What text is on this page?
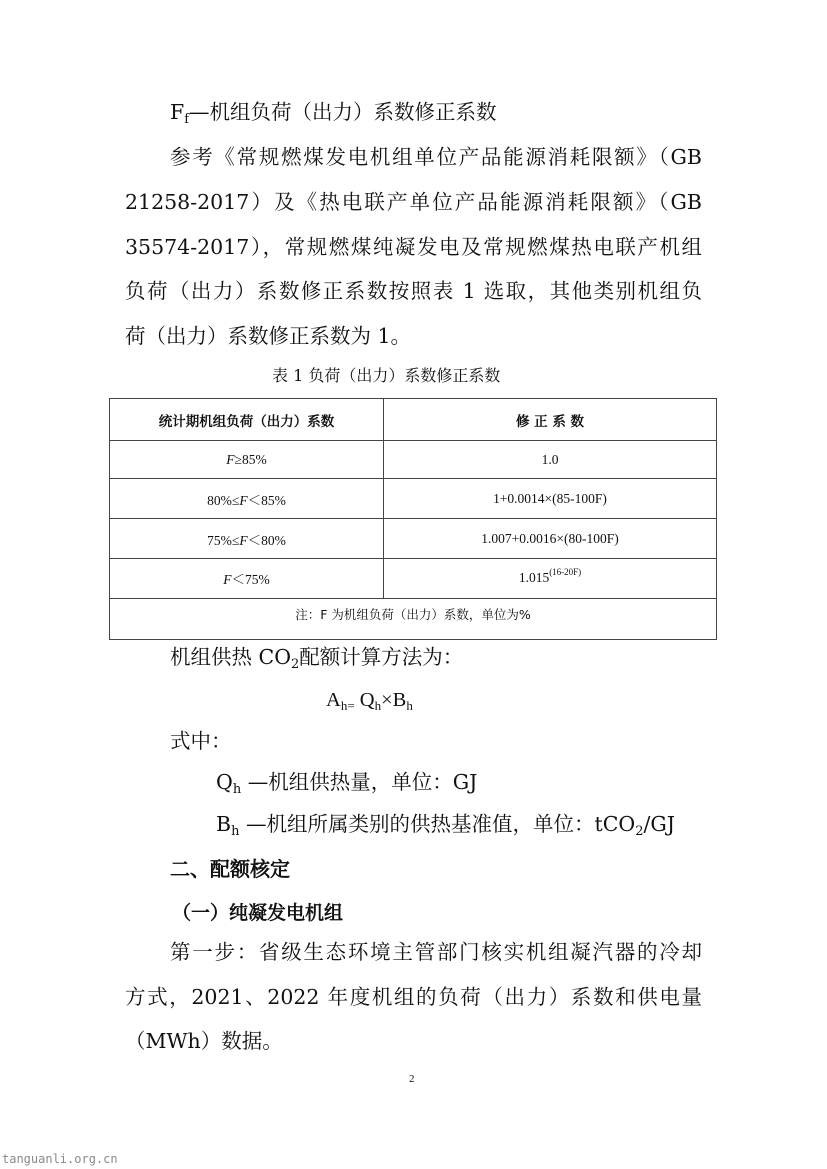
$F_f—$机组负荷（出力）系数修正系数
参考《常规燃煤发电机组单位产品能源消耗限额》（GB
21258-2017）及《热电联产单位产品能源消耗限额》（GB
35574-2017），常规燃煤纯凝发电及常规燃煤热电联产机组
负荷（出力）系数修正系数按照表 1 选取，其他类别机组负
荷（出力）系数修正系数为 1。
表 1 负荷（出力）系数修正系数
统计期机组负荷（出力）系数	修 正 系 数
F≥85%	1.0
80%≤F＜85%	1+0.0014×(85-100F)
75%≤F＜80%	1.007+0.0016×(80-100F)
F＜75%	$1.015^{(16-20F)}$
注：F 为机组负荷（出力）系数，单位为%	
机组供热 $CO_2$配额计算方法为：
$A_{h=}$ $Q_h\times B_h$
式中：
$Q_h$ —机组供热量，单位：GJ
$B_h$ —机组所属类别的供热基准值，单位：tCO$_2$/GJ
二、配额核定
（一）纯凝发电机组
第一步：省级生态环境主管部门核实机组凝汽器的冷却
方式，2021、2022 年度机组的负荷（出力）系数和供电量
（MWh）数据。
2
tanguanli.org.cn
